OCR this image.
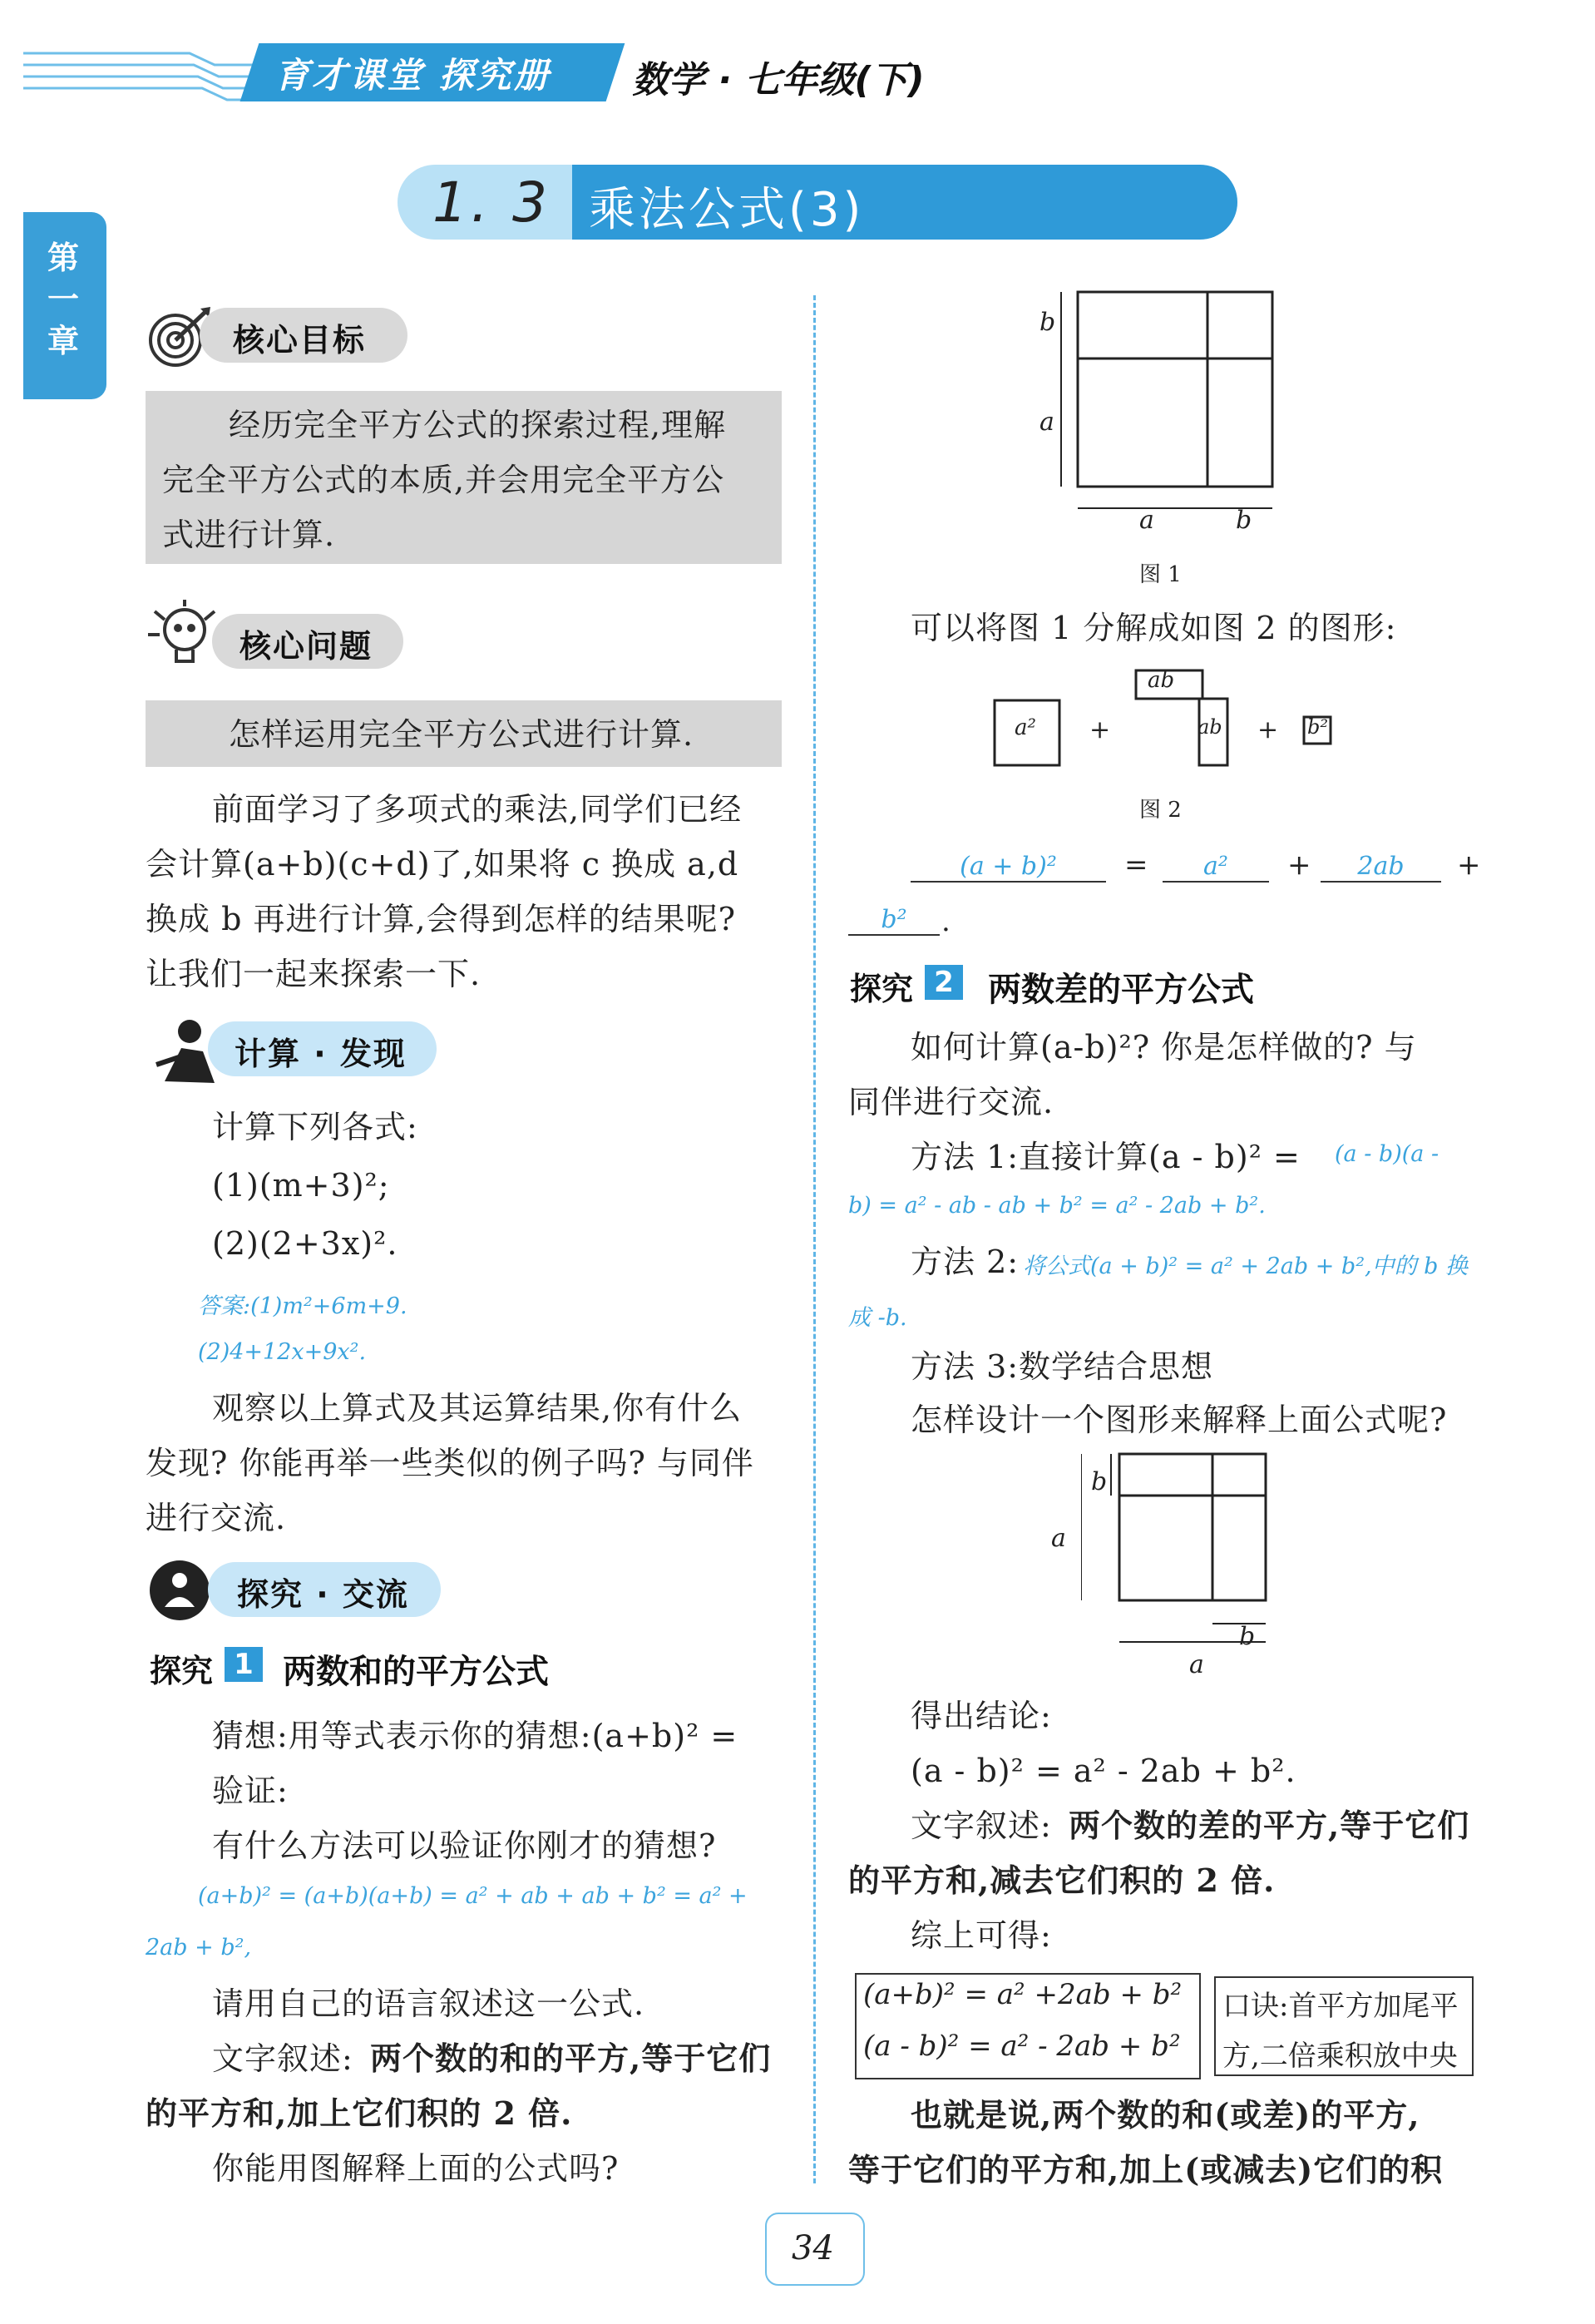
育才课堂 探究册 数学 · 七年级(下)
第一章
1. 3 乘法公式(3)
核心目标
经历完全平方公式的探索过程,理解
完全平方公式的本质,并会用完全平方公
式进行计算.
核心问题
怎样运用完全平方公式进行计算.
前面学习了多项式的乘法,同学们已经
会计算(a+b)(c+d)了,如果将 c 换成 a,d
换成 b 再进行计算,会得到怎样的结果呢?
让我们一起来探索一下.
计算 · 发现
计算下列各式:
(1)(m+3)²;
(2)(2+3x)².
答案:(1)m²+6m+9.
(2)4+12x+9x².
观察以上算式及其运算结果,你有什么
发现? 你能再举一些类似的例子吗? 与同伴
进行交流.
探究 · 交流
探究 1 两数和的平方公式
猜想:用等式表示你的猜想:(a+b)² =
验证:
有什么方法可以验证你刚才的猜想?
(a+b)² = (a+b)(a+b) = a² + ab + ab + b² = a² +
2ab + b²,
请用自己的语言叙述这一公式.
文字叙述: 两个数的和的平方,等于它们
的平方和,加上它们积的 2 倍.
你能用图解释上面的公式吗?
b
a
a	b
图 1
可以将图 1 分解成如图 2 的图形:
a² +
ab
ab + b²
图 2
(a + b)²	=	a²	+	2ab	+
b²	.
探究 2 两数差的平方公式
如何计算(a-b)²? 你是怎样做的? 与
同伴进行交流.
方法 1:直接计算(a - b)² = (a - b)(a -
b) = a² - ab - ab + b² = a² - 2ab + b².
方法 2: 将公式(a + b)² = a² + 2ab + b²,中的 b 换
成 -b.
方法 3:数学结合思想
怎样设计一个图形来解释上面公式呢?
b
a
b
a
得出结论:
(a - b)² = a² - 2ab + b².
文字叙述: 两个数的差的平方,等于它们
的平方和,减去它们积的 2 倍.
综上可得:
(a+b)² = a² +2ab + b²
(a - b)² = a² - 2ab + b²
口诀:首平方加尾平
方,二倍乘积放中央
也就是说,两个数的和(或差)的平方,
等于它们的平方和,加上(或减去)它们的积
34
